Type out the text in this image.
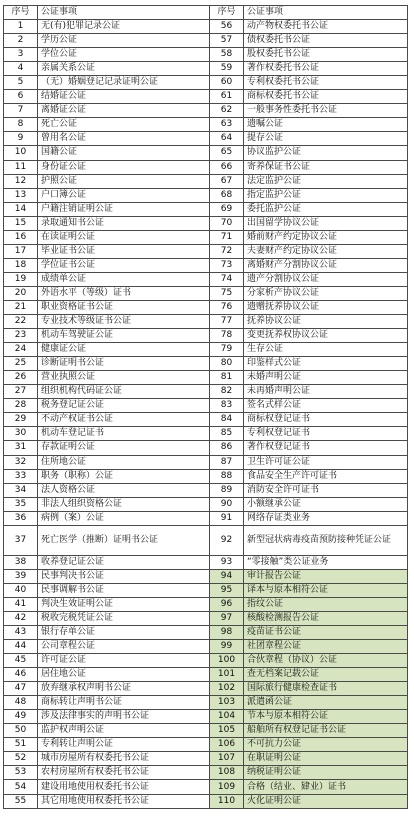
序号	公证事项	序号	公证事项
1	无(有)犯罪记录公证	56	动产物权委托书公证
2	学历公证	57	债权委托书公证
3	学位公证	58	股权委托书公证
4	亲属关系公证	59	著作权委托书公证
5	（无）婚姻登记记录证明公证	60	专利权委托书公证
6	结婚证公证	61	商标权委托书公证
7	离婚证公证	62	一般事务性委托书公证
8	死亡公证	63	遗嘱公证
9	曾用名公证	64	提存公证
10	国籍公证	65	协议监护公证
11	身份证公证	66	寄养保证书公证
12	护照公证	67	法定监护公证
13	户口簿公证	68	指定监护公证
14	户籍注销证明公证	69	委托监护公证
15	录取通知书公证	70	出国留学协议公证
16	在读证明公证	71	婚前财产约定协议公证
17	毕业证书公证	72	夫妻财产约定协议公证
18	学位证书公证	73	离婚财产分割协议公证
19	成绩单公证	74	遗产分割协议公证
20	外语水平（等级）证书	75	分家析产协议公证
21	职业资格证书公证	76	遗赠抚养协议公证
22	专业技术等级证书公证	77	抚养协议公证
23	机动车驾驶证公证	78	变更抚养权协议公证
24	健康证公证	79	生存公证
25	诊断证明书公证	80	印鉴样式公证
26	营业执照公证	81	未婚声明公证
27	组织机构代码证公证	82	未再婚声明公证
28	税务登记证公证	83	签名式样公证
29	不动产权证书公证	84	商标权登记证书
30	机动车登记证书	85	专利权登记证书
31	存款证明公证	86	著作权登记证书
32	住所地公证	87	卫生许可证公证
33	职务（职称）公证	88	食品安全生产许可证书
34	法人资格公证	89	消防安全许可证书
35	非法人组织资格公证	90	小额继承公证
36	病例（案）公证	91	网络存证类业务
37	死亡医学（推断）证明书公证	92	新型冠状病毒疫苗预防接种凭证公证
38	收养登记证公证	93	“零接触”类公证业务
39	民事判决书公证	94	审计报告公证
40	民事调解书公证	95	译本与原本相符公证
41	判决生效证明公证	96	指纹公证
42	税收完税凭证公证	97	核酸检测报告公证
43	银行存单公证	98	疫苗证书公证
44	公司章程公证	99	社团章程公证
45	许可证公证	100	合伙章程（协议）公证
46	居住地公证	101	查无档案记载公证
47	放弃继承权声明书公证	102	国际旅行健康检查证书
48	商标转让声明书公证	103	派遣函公证
49	涉及法律事实的声明书公证	104	节本与原本相符公证
50	监护权声明公证	105	船舶所有权登记证书公证
51	专利转让声明公证	106	不可抗力公证
52	城市房屋所有权委托书公证	107	在职证明公证
53	农村房屋所有权委托书公证	108	纳税证明公证
54	建设用地使用权委托书公证	109	合格（结业、肄业）证书
55	其它用地使用权委托书公证	110	火化证明公证
